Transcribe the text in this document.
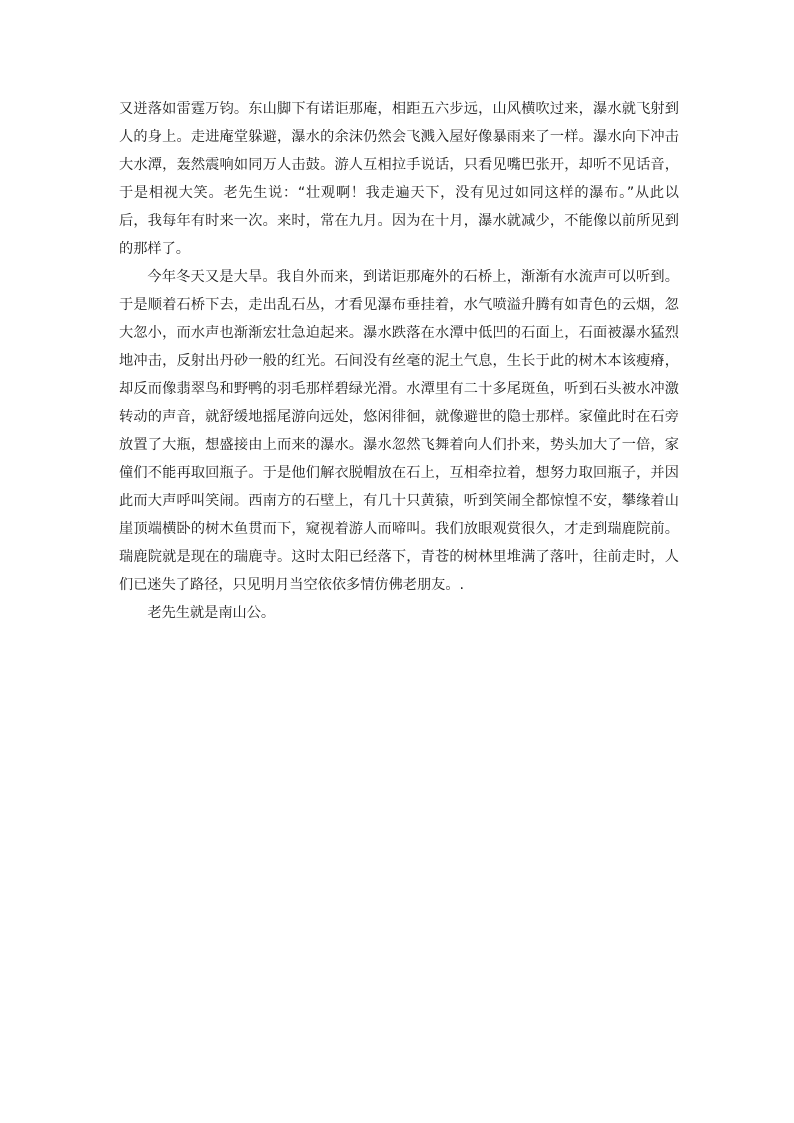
又迸落如雷霆万钧。东山脚下有诺讵那庵，相距五六步远，山风横吹过来，瀑水就飞射到人的身上。走进庵堂躲避，瀑水的余沫仍然会飞溅入屋好像暴雨来了一样。瀑水向下冲击大水潭，轰然震响如同万人击鼓。游人互相拉手说话，只看见嘴巴张开，却听不见话音，于是相视大笑。老先生说：“壮观啊！我走遍天下，没有见过如同这样的瀑布。”从此以后，我每年有时来一次。来时，常在九月。因为在十月，瀑水就减少，不能像以前所见到的那样了。

今年冬天又是大旱。我自外而来，到诺讵那庵外的石桥上，渐渐有水流声可以听到。于是顺着石桥下去，走出乱石丛，才看见瀑布垂挂着，水气喷溢升腾有如青色的云烟，忽大忽小，而水声也渐渐宏壮急迫起来。瀑水跌落在水潭中低凹的石面上，石面被瀑水猛烈地冲击，反射出丹砂一般的红光。石间没有丝毫的泥土气息，生长于此的树木本该瘦瘠，却反而像翡翠鸟和野鸭的羽毛那样碧绿光滑。水潭里有二十多尾斑鱼，听到石头被水冲激转动的声音，就舒缓地摇尾游向远处，悠闲徘徊，就像避世的隐士那样。家僮此时在石旁放置了大瓶，想盛接由上而来的瀑水。瀑水忽然飞舞着向人们扑来，势头加大了一倍，家僮们不能再取回瓶子。于是他们解衣脱帽放在石上，互相牵拉着，想努力取回瓶子，并因此而大声呼叫笑闹。西南方的石壁上，有几十只黄猿，听到笑闹全都惊惶不安，攀缘着山崖顶端横卧的树木鱼贯而下，窥视着游人而啼叫。我们放眼观赏很久，才走到瑞鹿院前。瑞鹿院就是现在的瑞鹿寺。这时太阳已经落下，青苍的树林里堆满了落叶，往前走时，人们已迷失了路径，只见明月当空依依多情仿佛老朋友。.

老先生就是南山公。
